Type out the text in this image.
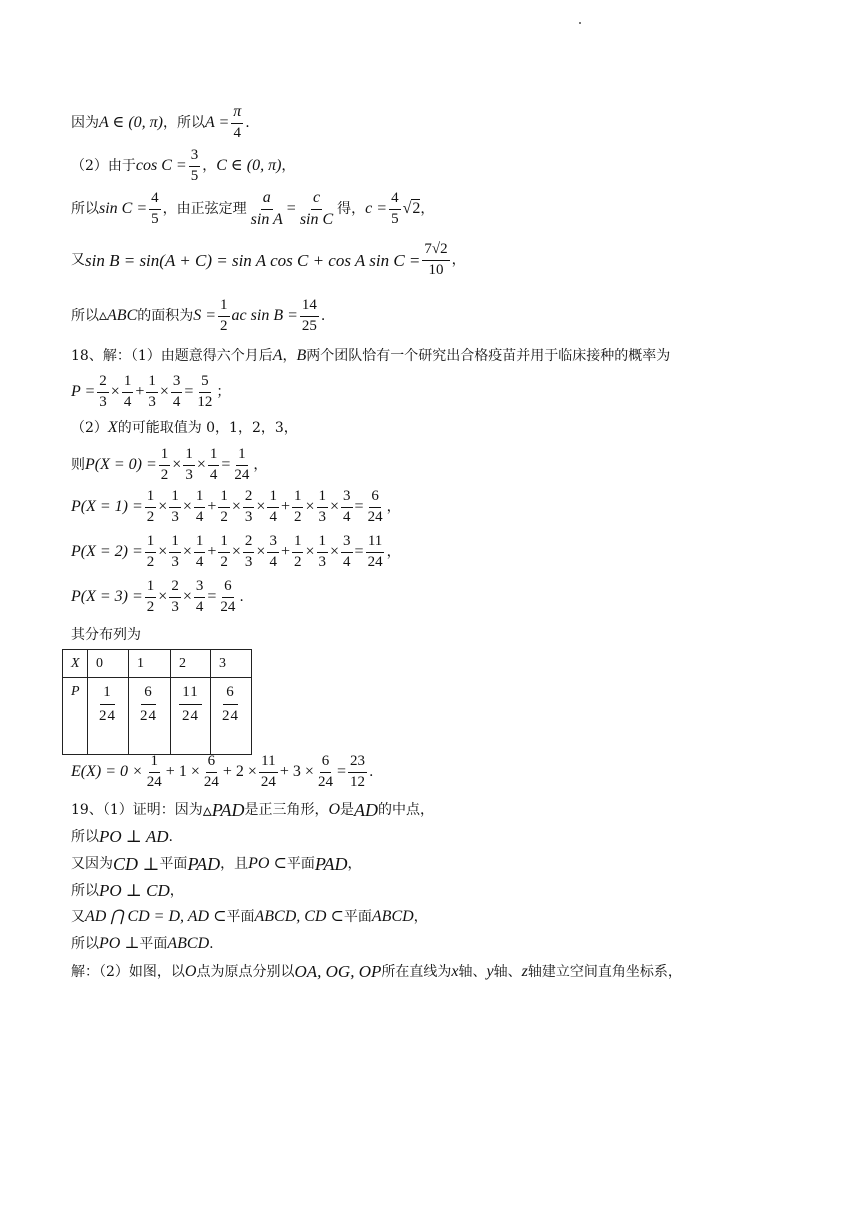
因为 A ∈ (0, π) ，所以 $A = \frac{\pi}{4}$ .
（2）由于 $\cos C = \frac{3}{5}$ ， C ∈ (0, π) ，
所以 $\sin C = \frac{4}{5}$ ，由正弦定理 $\frac{a}{\text{sin A}} = \frac{c}{\text{sin C}}$ 得， $c = \frac{4}{5} √2$ ，
又 sin B = sin(A + C) = sin A cos C + cos A $\sin C = \frac{7√2}{10}$ ，
所以 ▵ABC 的面积为 $S = \frac{1}{2}$ ac $\sin B = \frac{14}{25}$ .
18、解：（1）由题意得六个月后 A ， B 两个团队恰有一个研究出合格疫苗并用于临床接种的概率为
$P = \frac{2}{3} \times \frac{1}{4} + \frac{1}{3} \times \frac{3}{4} = \frac{5}{12}$ ；
（2） X 的可能取值为 0，1，2，3，
则 $P(X = 0) = \frac{1}{2} \times \frac{1}{3} \times \frac{1}{4} = \frac{1}{24}$ ，
$P(X = 1) = \frac{1}{2} \times \frac{1}{3} \times \frac{1}{4} + \frac{1}{2} \times \frac{2}{3} \times \frac{1}{4} + \frac{1}{2} \times \frac{1}{3} \times \frac{3}{4} = \frac{6}{24}$ ，
$P(X = 2) = \frac{1}{2} \times \frac{1}{3} \times \frac{1}{4} + \frac{1}{2} \times \frac{2}{3} \times \frac{3}{4} + \frac{1}{2} \times \frac{1}{3} \times \frac{3}{4} = \frac{11}{24}$ ，
$P(X = 3) = \frac{1}{2} \times \frac{2}{3} \times \frac{3}{4} = \frac{6}{24}$ .
其分布列为
X	0	1	2	3
P	$\frac{1}{24}$	$\frac{6}{24}$	$\frac{11}{24}$	$\frac{6}{24}$
$E(X) = 0 \times \frac{1}{24} + 1 \times \frac{6}{24} + 2 \times \frac{11}{24} + 3 \times \frac{6}{24} = \frac{23}{12}$ .
19、（1）证明：因为 ▵PAD 是正三角形， O 是 AD 的中点，
所以 PO ⊥ AD .
又因为 CD ⊥ 平面 PAD ，且 PO ⊂ 平面 PAD ，
所以 PO ⊥ CD ，
又 AD ⋂ CD = D, AD ⊂ 平面 ABCD, CD ⊂ 平面 ABCD ，
所以 PO ⊥ 平面 ABCD .
解：（2）如图，以 O 点为原点分别以 OA, OG, OP 所在直线为 x 轴、 y 轴、 z 轴建立空间直角坐标系，
